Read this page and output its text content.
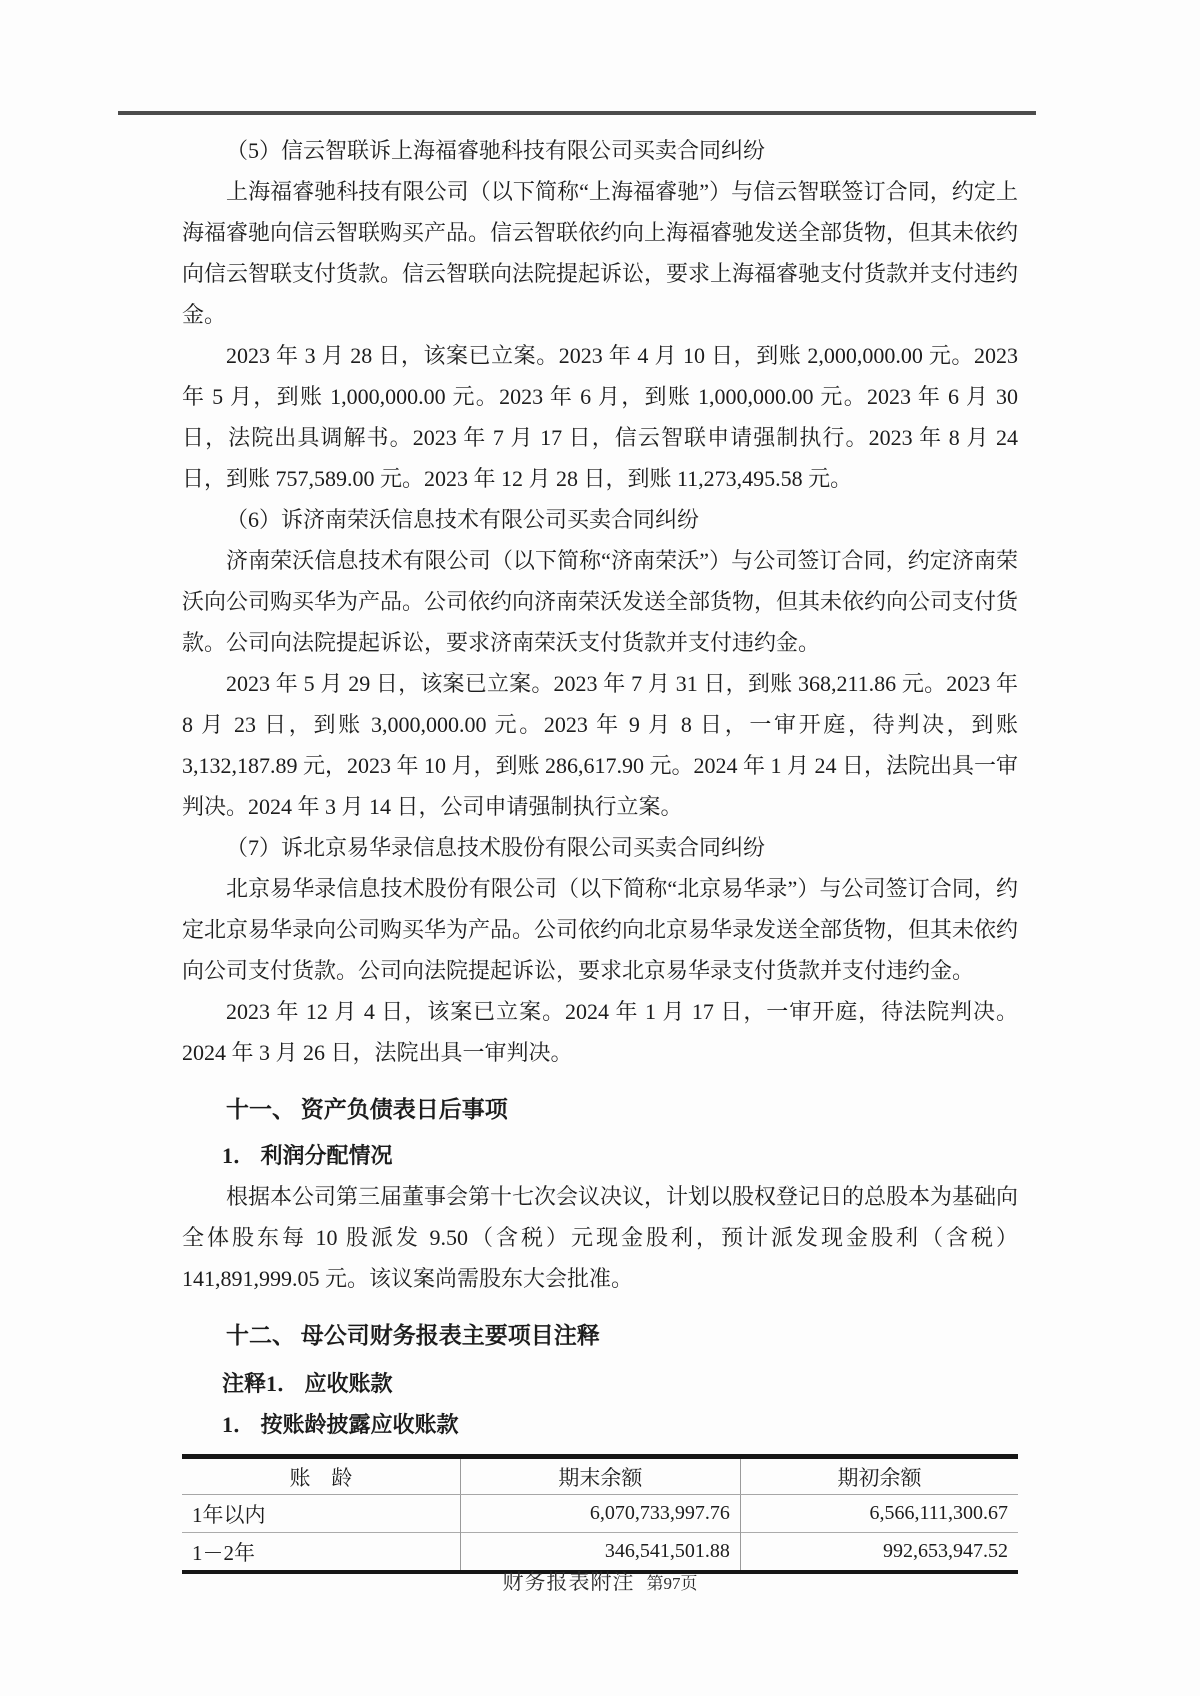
（5）信云智联诉上海福睿驰科技有限公司买卖合同纠纷

上海福睿驰科技有限公司（以下简称“上海福睿驰”）与信云智联签订合同，约定上海福睿驰向信云智联购买产品。信云智联依约向上海福睿驰发送全部货物，但其未依约向信云智联支付货款。信云智联向法院提起诉讼，要求上海福睿驰支付货款并支付违约金。

2023 年 3 月 28 日，该案已立案。2023 年 4 月 10 日，到账 2,000,000.00 元。2023 年 5 月，到账 1,000,000.00 元。2023 年 6 月，到账 1,000,000.00 元。2023 年 6 月 30 日，法院出具调解书。2023 年 7 月 17 日，信云智联申请强制执行。2023 年 8 月 24 日，到账 757,589.00 元。2023 年 12 月 28 日，到账 11,273,495.58 元。

（6）诉济南荣沃信息技术有限公司买卖合同纠纷

济南荣沃信息技术有限公司（以下简称“济南荣沃”）与公司签订合同，约定济南荣沃向公司购买华为产品。公司依约向济南荣沃发送全部货物，但其未依约向公司支付货款。公司向法院提起诉讼，要求济南荣沃支付货款并支付违约金。

2023 年 5 月 29 日，该案已立案。2023 年 7 月 31 日，到账 368,211.86 元。2023 年 8 月 23 日，到账 3,000,000.00 元。2023 年 9 月 8 日，一审开庭，待判决，到账 3,132,187.89 元，2023 年 10 月，到账 286,617.90 元。2024 年 1 月 24 日，法院出具一审判决。2024 年 3 月 14 日，公司申请强制执行立案。

（7）诉北京易华录信息技术股份有限公司买卖合同纠纷

北京易华录信息技术股份有限公司（以下简称“北京易华录”）与公司签订合同，约定北京易华录向公司购买华为产品。公司依约向北京易华录发送全部货物，但其未依约向公司支付货款。公司向法院提起诉讼，要求北京易华录支付货款并支付违约金。

2023 年 12 月 4 日，该案已立案。2024 年 1 月 17 日，一审开庭，待法院判决。2024 年 3 月 26 日，法院出具一审判决。

十一、 资产负债表日后事项
1． 利润分配情况

根据本公司第三届董事会第十七次会议决议，计划以股权登记日的总股本为基础向全体股东每 10 股派发 9.50（含税）元现金股利，预计派发现金股利（含税）141,891,999.05 元。该议案尚需股东大会批准。

十二、 母公司财务报表主要项目注释
注释1． 应收账款
1． 按账龄披露应收账款
账　龄	期末余额	期初余额
1年以内	6,070,733,997.76	6,566,111,300.67
1－2年	346,541,501.88	992,653,947.52
财务报表附注 第97页
